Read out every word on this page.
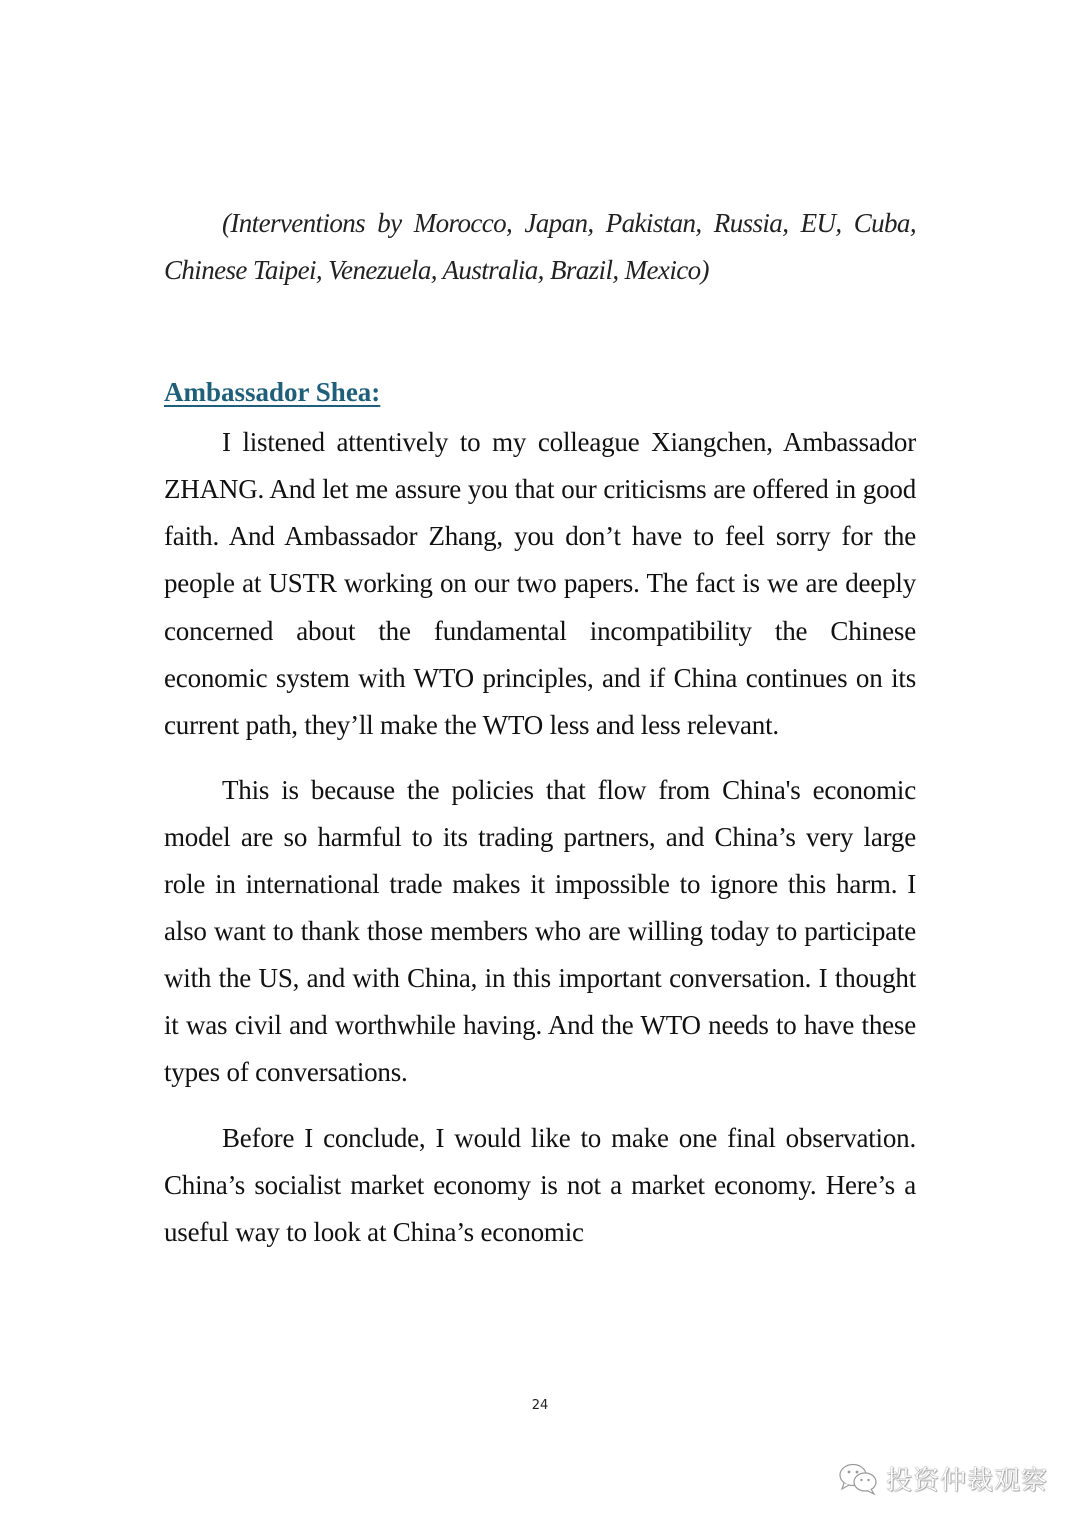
(Interventions by Morocco, Japan, Pakistan, Russia, EU, Cuba, Chinese Taipei, Venezuela, Australia, Brazil, Mexico)

Ambassador Shea:

I listened attentively to my colleague Xiangchen, Ambassador ZHANG. And let me assure you that our criticisms are offered in good faith. And Ambassador Zhang, you don’t have to feel sorry for the people at USTR working on our two papers. The fact is we are deeply concerned about the fundamental incompatibility the Chinese economic system with WTO principles, and if China continues on its current path, they’ll make the WTO less and less relevant.

This is because the policies that flow from China's economic model are so harmful to its trading partners, and China’s very large role in international trade makes it impossible to ignore this harm. I also want to thank those members who are willing today to participate with the US, and with China, in this important conversation. I thought it was civil and worthwhile having. And the WTO needs to have these types of conversations.

Before I conclude, I would like to make one final observation. China’s socialist market economy is not a market economy. Here’s a useful way to look at China’s economic

24
投资仲裁观察
